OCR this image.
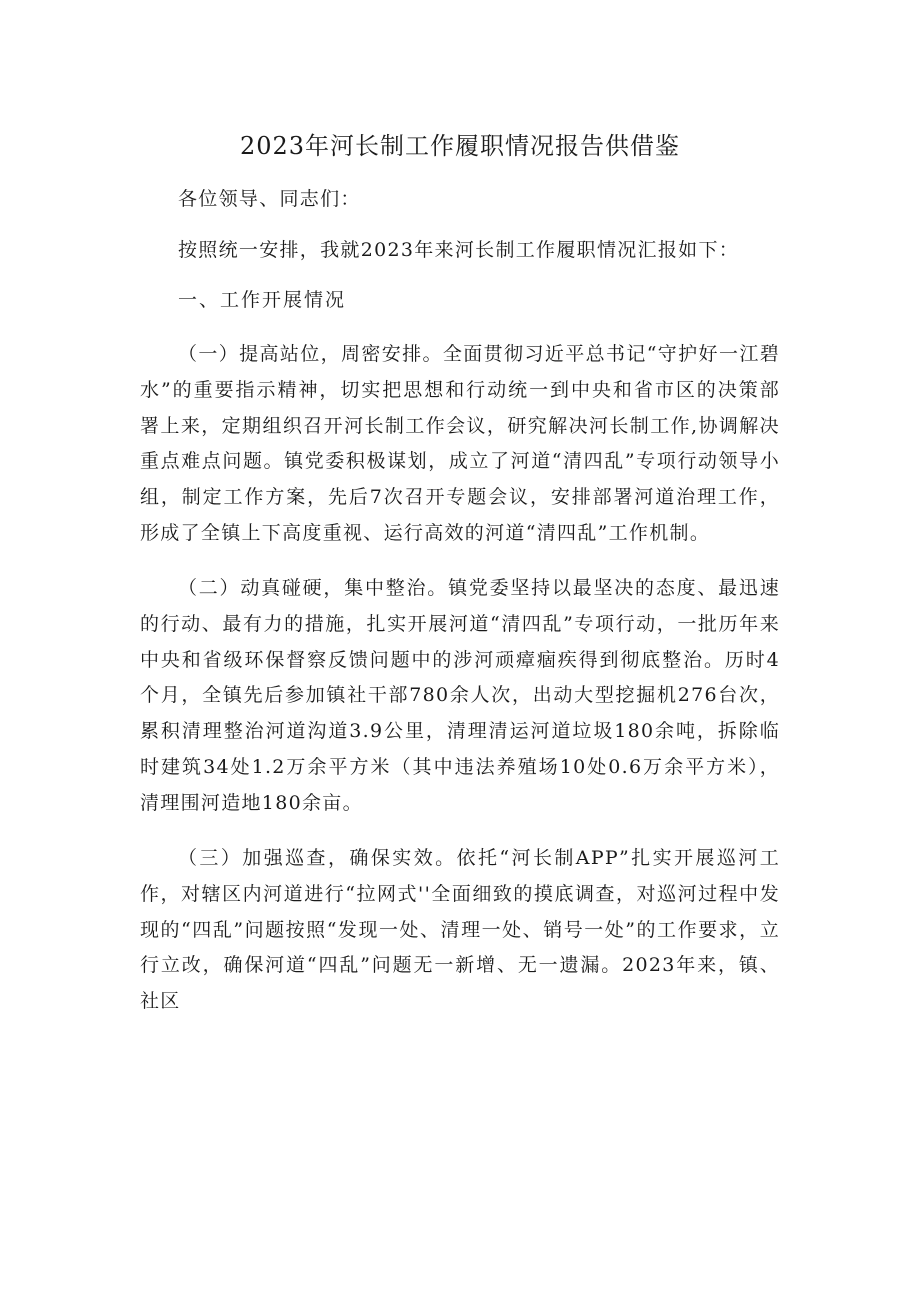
2023年河长制工作履职情况报告供借鉴

各位领导、同志们：

按照统一安排，我就2023年来河长制工作履职情况汇报如下：

一、工作开展情况

（一）提高站位，周密安排。全面贯彻习近平总书记“守护好一江碧水”的重要指示精神，切实把思想和行动统一到中央和省市区的决策部署上来，定期组织召开河长制工作会议，研究解决河长制工作,协调解决重点难点问题。镇党委积极谋划，成立了河道“清四乱”专项行动领导小组，制定工作方案，先后7次召开专题会议，安排部署河道治理工作，形成了全镇上下高度重视、运行高效的河道“清四乱”工作机制。

（二）动真碰硬，集中整治。镇党委坚持以最坚决的态度、最迅速的行动、最有力的措施，扎实开展河道“清四乱”专项行动，一批历年来中央和省级环保督察反馈问题中的涉河顽瘴痼疾得到彻底整治。历时4个月，全镇先后参加镇社干部780余人次，出动大型挖掘机276台次，累积清理整治河道沟道3.9公里，清理清运河道垃圾180余吨，拆除临时建筑34处1.2万余平方米（其中违法养殖场10处0.6万余平方米），清理围河造地180余亩。

（三）加强巡查，确保实效。依托“河长制APP”扎实开展巡河工作，对辖区内河道进行“拉网式''全面细致的摸底调查，对巡河过程中发现的“四乱”问题按照“发现一处、清理一处、销号一处”的工作要求，立行立改，确保河道“四乱”问题无一新增、无一遗漏。2023年来，镇、社区
